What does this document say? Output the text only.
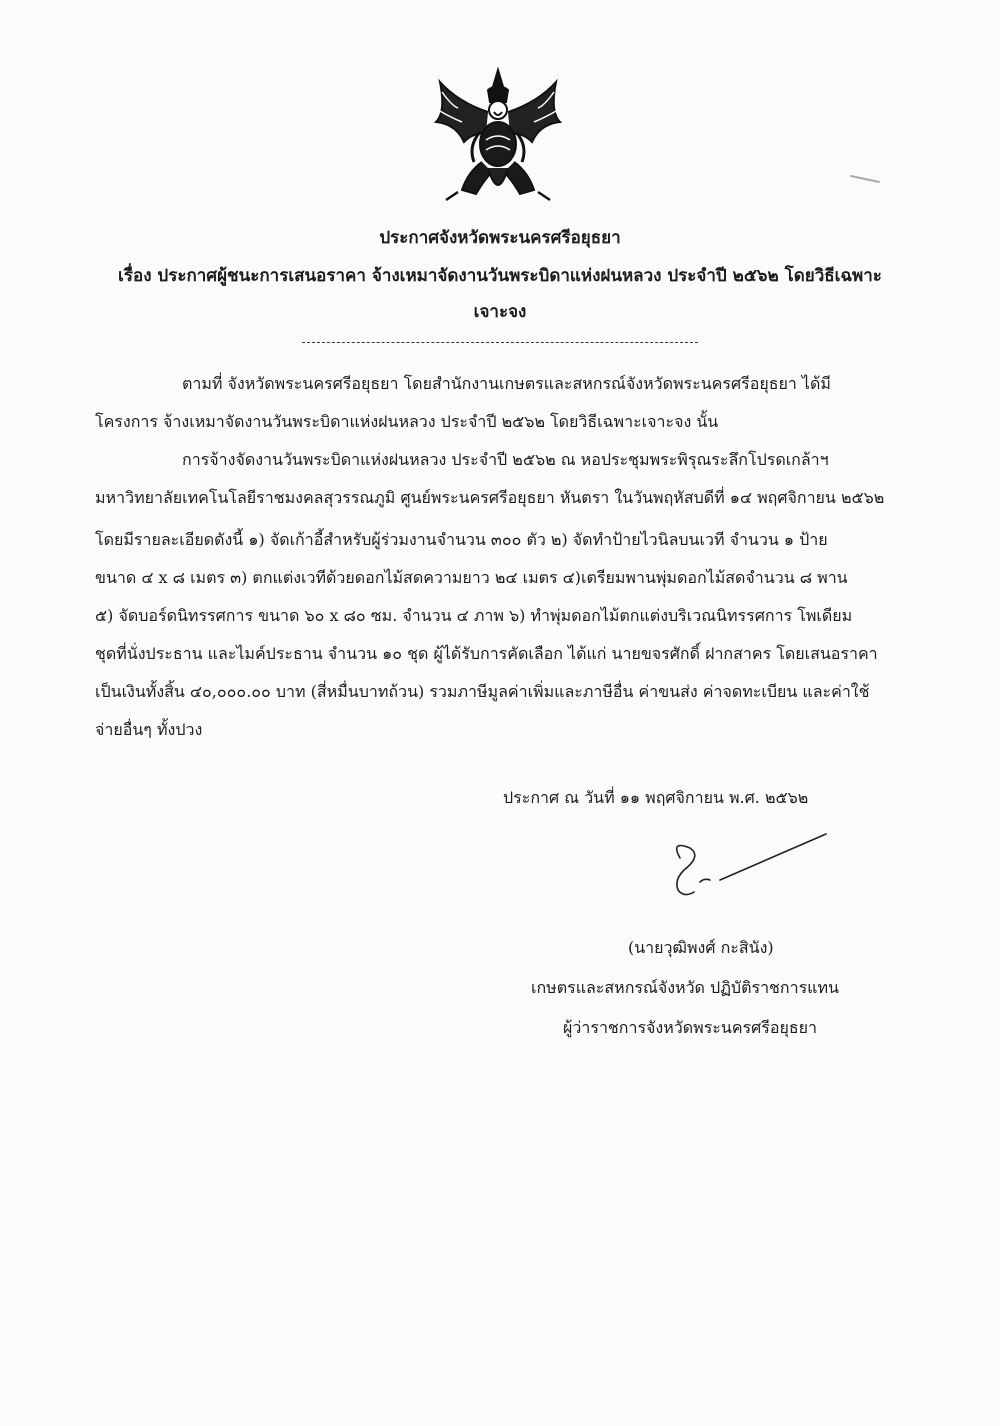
ประกาศจังหวัดพระนครศรีอยุธยา
เรื่อง ประกาศผู้ชนะการเสนอราคา จ้างเหมาจัดงานวันพระบิดาแห่งฝนหลวง ประจำปี ๒๕๖๒ โดยวิธีเฉพาะ
เจาะจง
ตามที่ จังหวัดพระนครศรีอยุธยา โดยสำนักงานเกษตรและสหกรณ์จังหวัดพระนครศรีอยุธยา ได้มี
โครงการ จ้างเหมาจัดงานวันพระบิดาแห่งฝนหลวง ประจำปี ๒๕๖๒ โดยวิธีเฉพาะเจาะจง นั้น
การจ้างจัดงานวันพระบิดาแห่งฝนหลวง ประจำปี ๒๕๖๒ ณ หอประชุมพระพิรุณระลึกโปรดเกล้าฯ
มหาวิทยาลัยเทคโนโลยีราชมงคลสุวรรณภูมิ ศูนย์พระนครศรีอยุธยา หันตรา ในวันพฤหัสบดีที่ ๑๔ พฤศจิกายน ๒๕๖๒
โดยมีรายละเอียดดังนี้ ๑) จัดเก้าอี้สำหรับผู้ร่วมงานจำนวน ๓๐๐ ตัว ๒) จัดทำป้ายไวนิลบนเวที จำนวน ๑ ป้าย
ขนาด ๔ x ๘ เมตร ๓) ตกแต่งเวทีด้วยดอกไม้สดความยาว ๒๔ เมตร ๔)เตรียมพานพุ่มดอกไม้สดจำนวน ๘ พาน
๕) จัดบอร์ดนิทรรศการ ขนาด ๖๐ x ๘๐ ซม. จำนวน ๔ ภาพ ๖) ทำพุ่มดอกไม้ตกแต่งบริเวณนิทรรศการ โพเดียม
ชุดที่นั่งประธาน และไมค์ประธาน จำนวน ๑๐ ชุด ผู้ได้รับการคัดเลือก ได้แก่ นายขจรศักดิ์ ฝากสาคร โดยเสนอราคา
เป็นเงินทั้งสิ้น ๔๐,๐๐๐.๐๐ บาท (สี่หมื่นบาทถ้วน) รวมภาษีมูลค่าเพิ่มและภาษีอื่น ค่าขนส่ง ค่าจดทะเบียน และค่าใช้
จ่ายอื่นๆ ทั้งปวง
ประกาศ ณ วันที่ ๑๑ พฤศจิกายน พ.ศ. ๒๕๖๒
(นายวุฒิพงศ์ กะสินัง)
เกษตรและสหกรณ์จังหวัด ปฏิบัติราชการแทน
ผู้ว่าราชการจังหวัดพระนครศรีอยุธยา
